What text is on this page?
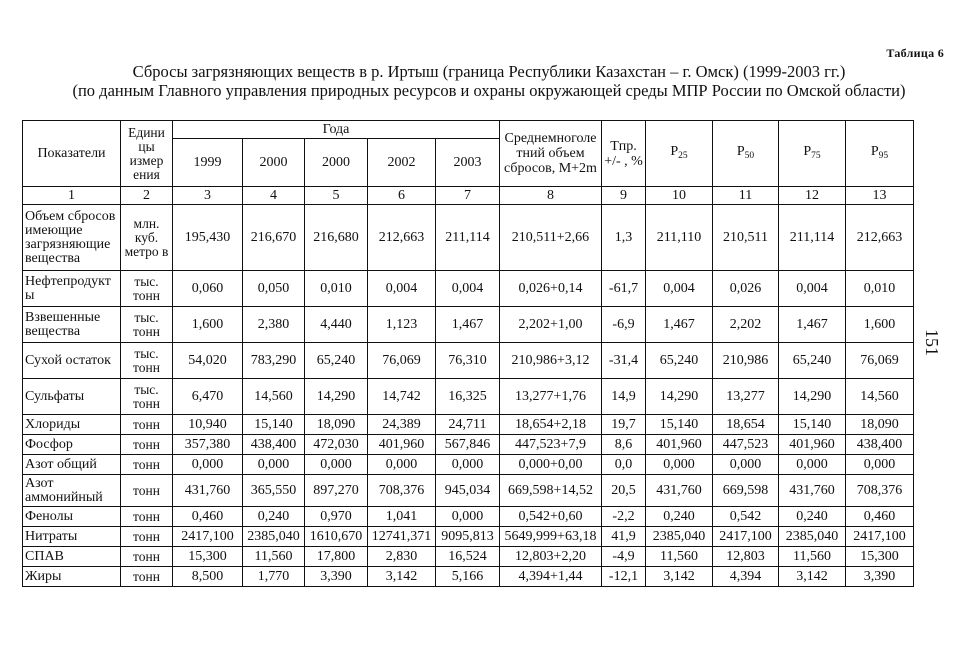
Таблица 6
Сбросы загрязняющих веществ в р. Иртыш (граница Республики Казахстан – г. Омск) (1999-2003 гг.)
(по данным Главного управления природных ресурсов и охраны окружающей среды МПР России по Омской области)
151
Показатели	Едини цы измер ения	Года					Среднемноголе тний объем сбросов, М+2m	Tпр. +/- , %	$P_{25}$	$P_{50}$	$P_{75}$	$P_{95}$
		1999	2000	2000	2002	2003						
1	2	3	4	5	6	7	8	9	10	11	12	13
Объем сбросов имеющие загрязняющие вещества	млн. куб. метро в	195,430	216,670	216,680	212,663	211,114	210,511+2,66	1,3	211,110	210,511	211,114	212,663
Нефтепродукт ы	тыс. тонн	0,060	0,050	0,010	0,004	0,004	0,026+0,14	-61,7	0,004	0,026	0,004	0,010
Взвешенные вещества	тыс. тонн	1,600	2,380	4,440	1,123	1,467	2,202+1,00	-6,9	1,467	2,202	1,467	1,600
Сухой остаток	тыс. тонн	54,020	783,290	65,240	76,069	76,310	210,986+3,12	-31,4	65,240	210,986	65,240	76,069
Сульфаты	тыс. тонн	6,470	14,560	14,290	14,742	16,325	13,277+1,76	14,9	14,290	13,277	14,290	14,560
Хлориды	тонн	10,940	15,140	18,090	24,389	24,711	18,654+2,18	19,7	15,140	18,654	15,140	18,090
Фосфор	тонн	357,380	438,400	472,030	401,960	567,846	447,523+7,9	8,6	401,960	447,523	401,960	438,400
Азот общий	тонн	0,000	0,000	0,000	0,000	0,000	0,000+0,00	0,0	0,000	0,000	0,000	0,000
Азот аммонийный	тонн	431,760	365,550	897,270	708,376	945,034	669,598+14,52	20,5	431,760	669,598	431,760	708,376
Фенолы	тонн	0,460	0,240	0,970	1,041	0,000	0,542+0,60	-2,2	0,240	0,542	0,240	0,460
Нитраты	тонн	2417,100	2385,040	1610,670	12741,371	9095,813	5649,999+63,18	41,9	2385,040	2417,100	2385,040	2417,100
СПАВ	тонн	15,300	11,560	17,800	2,830	16,524	12,803+2,20	-4,9	11,560	12,803	11,560	15,300
Жиры	тонн	8,500	1,770	3,390	3,142	5,166	4,394+1,44	-12,1	3,142	4,394	3,142	3,390
